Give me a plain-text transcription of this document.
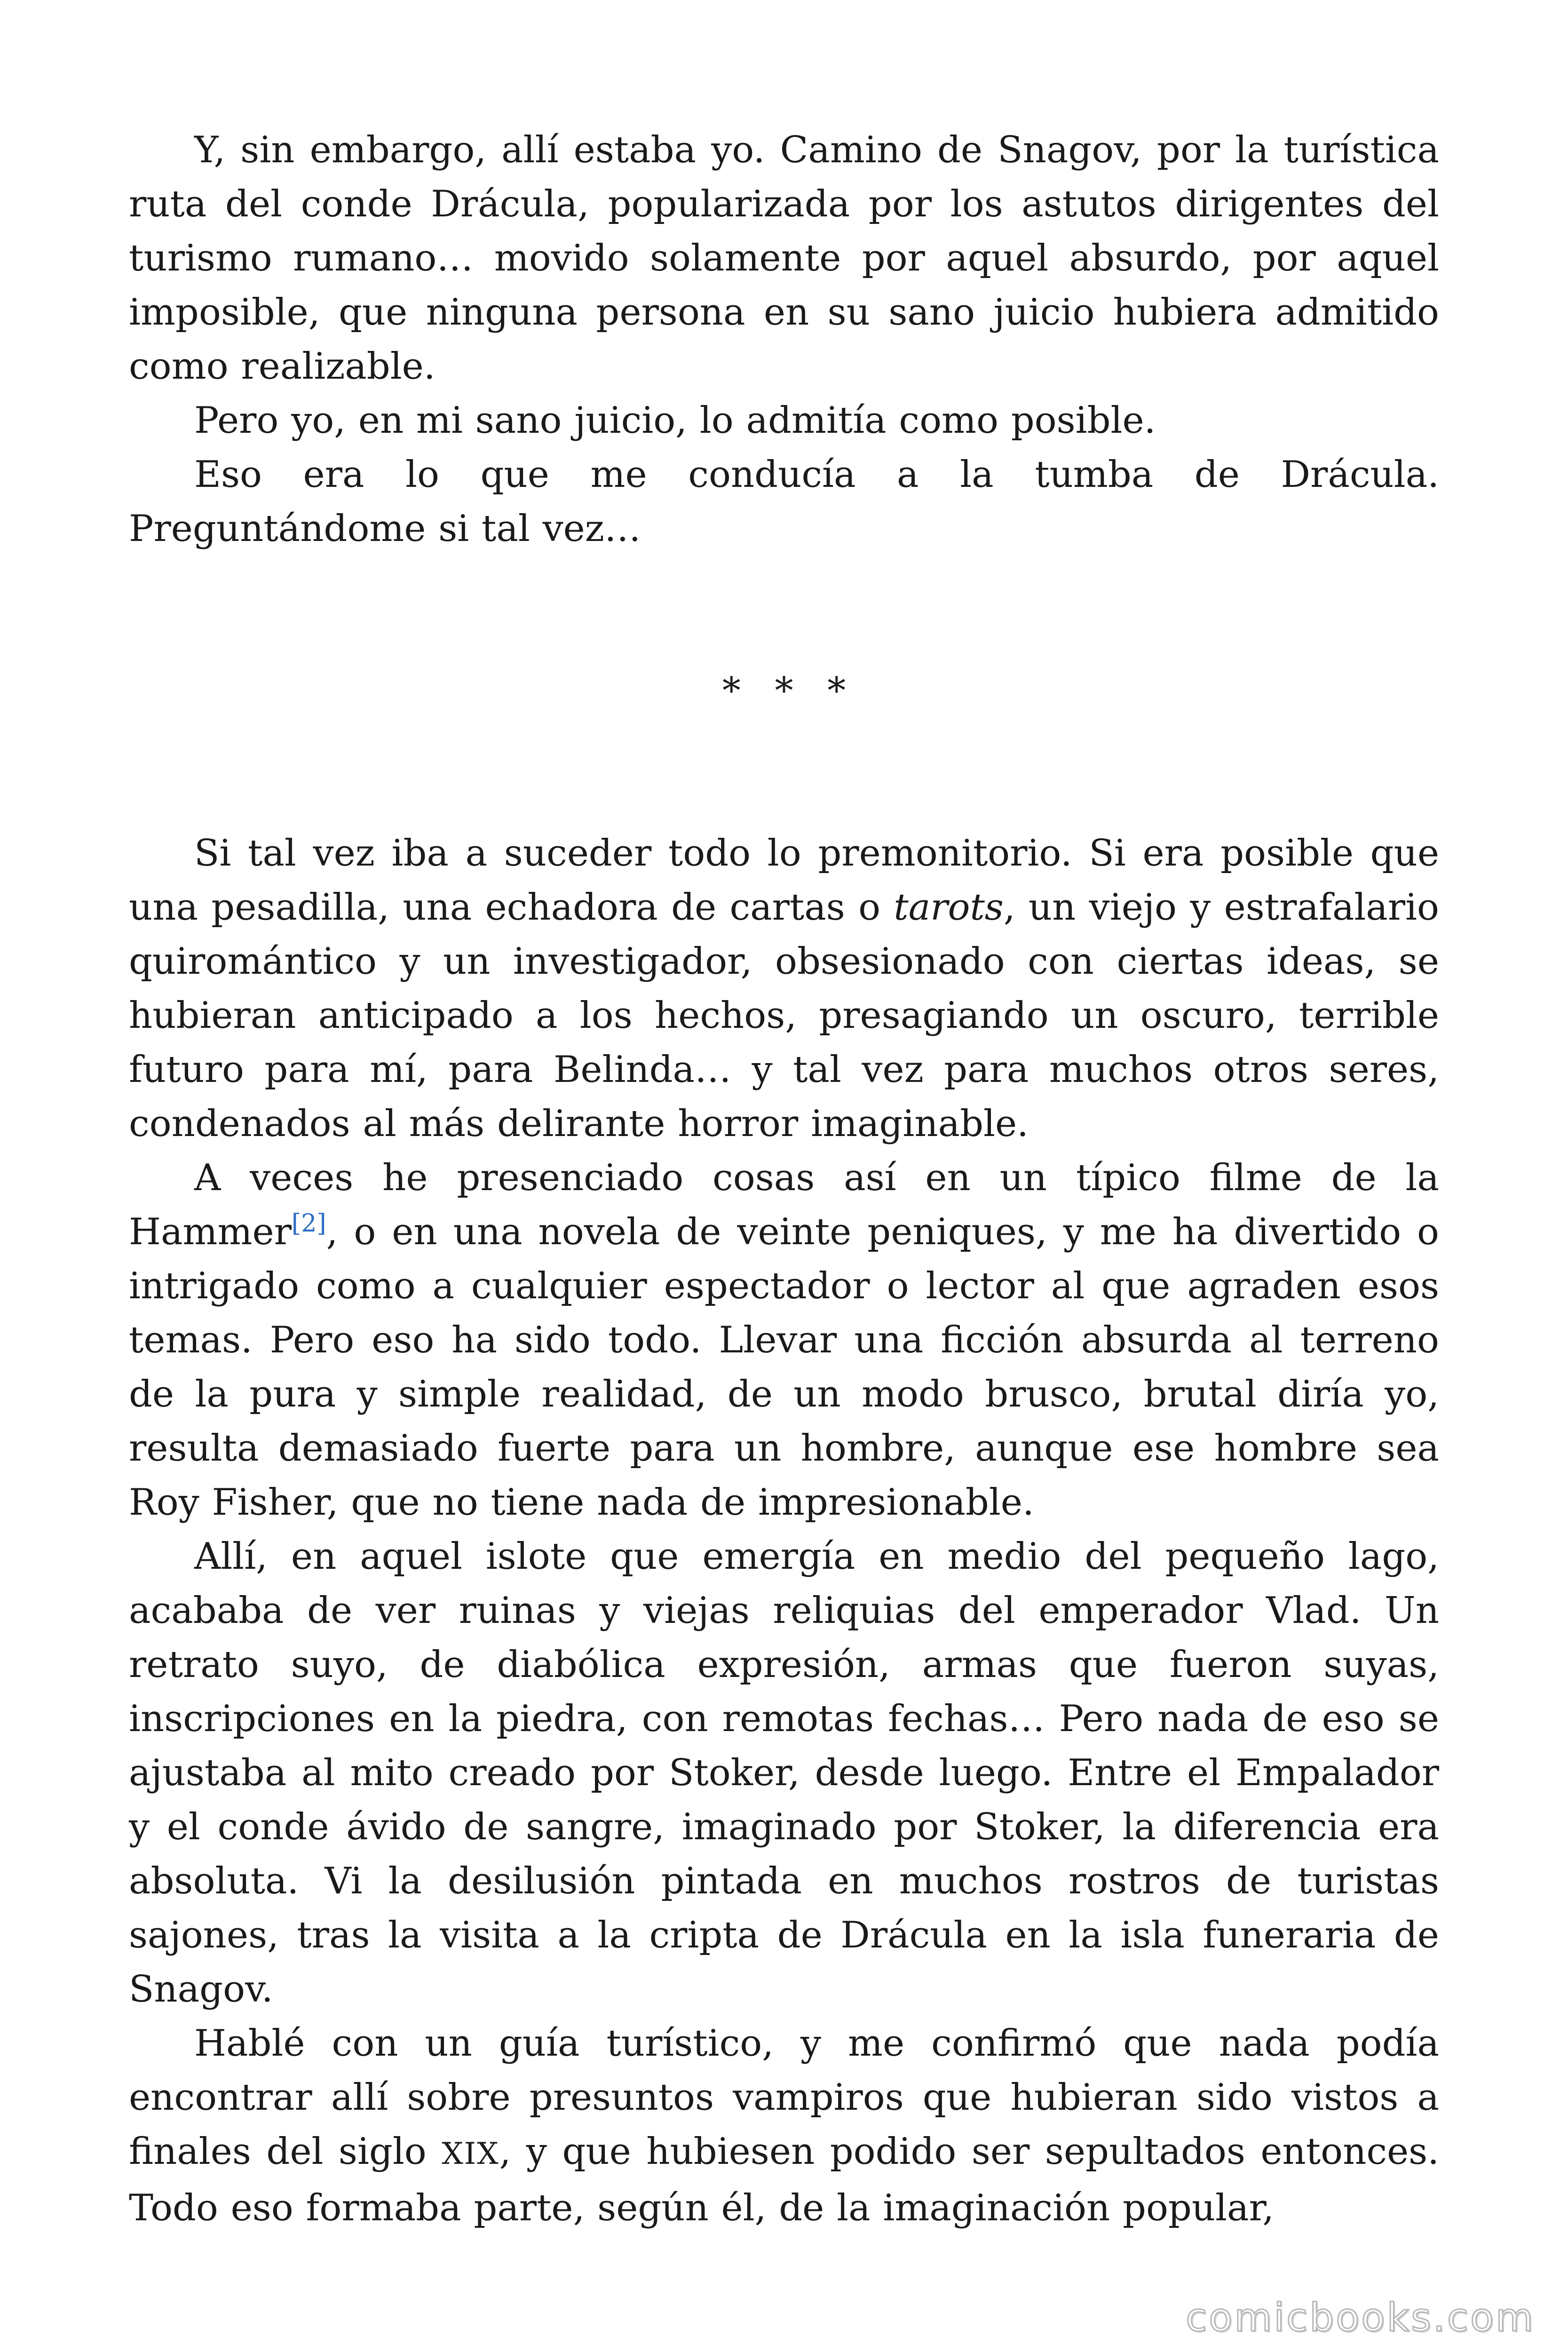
Y, sin embargo, allí estaba yo. Camino de Snagov, por la turística ruta del conde Drácula, popularizada por los astutos dirigentes del turismo rumano… movido solamente por aquel absurdo, por aquel imposible, que ninguna persona en su sano juicio hubiera admitido como realizable.

Pero yo, en mi sano juicio, lo admitía como posible.

Eso era lo que me conducía a la tumba de Drácula. Preguntándome si tal vez…

* * *

Si tal vez iba a suceder todo lo premonitorio. Si era posible que una pesadilla, una echadora de cartas o tarots, un viejo y estrafalario quiromántico y un investigador, obsesionado con ciertas ideas, se hubieran anticipado a los hechos, presagiando un oscuro, terrible futuro para mí, para Belinda… y tal vez para muchos otros seres, condenados al más delirante horror imaginable.

A veces he presenciado cosas así en un típico filme de la Hammer[2], o en una novela de veinte peniques, y me ha divertido o intrigado como a cualquier espectador o lector al que agraden esos temas. Pero eso ha sido todo. Llevar una ficción absurda al terreno de la pura y simple realidad, de un modo brusco, brutal diría yo, resulta demasiado fuerte para un hombre, aunque ese hombre sea Roy Fisher, que no tiene nada de impresionable.

Allí, en aquel islote que emergía en medio del pequeño lago, acababa de ver ruinas y viejas reliquias del emperador Vlad. Un retrato suyo, de diabólica expresión, armas que fueron suyas, inscripciones en la piedra, con remotas fechas… Pero nada de eso se ajustaba al mito creado por Stoker, desde luego. Entre el Empalador y el conde ávido de sangre, imaginado por Stoker, la diferencia era absoluta. Vi la desilusión pintada en muchos rostros de turistas sajones, tras la visita a la cripta de Drácula en la isla funeraria de Snagov.

Hablé con un guía turístico, y me confirmó que nada podía encontrar allí sobre presuntos vampiros que hubieran sido vistos a finales del siglo XIX, y que hubiesen podido ser sepultados entonces. Todo eso formaba parte, según él, de la imaginación popular,

comicbooks.com
